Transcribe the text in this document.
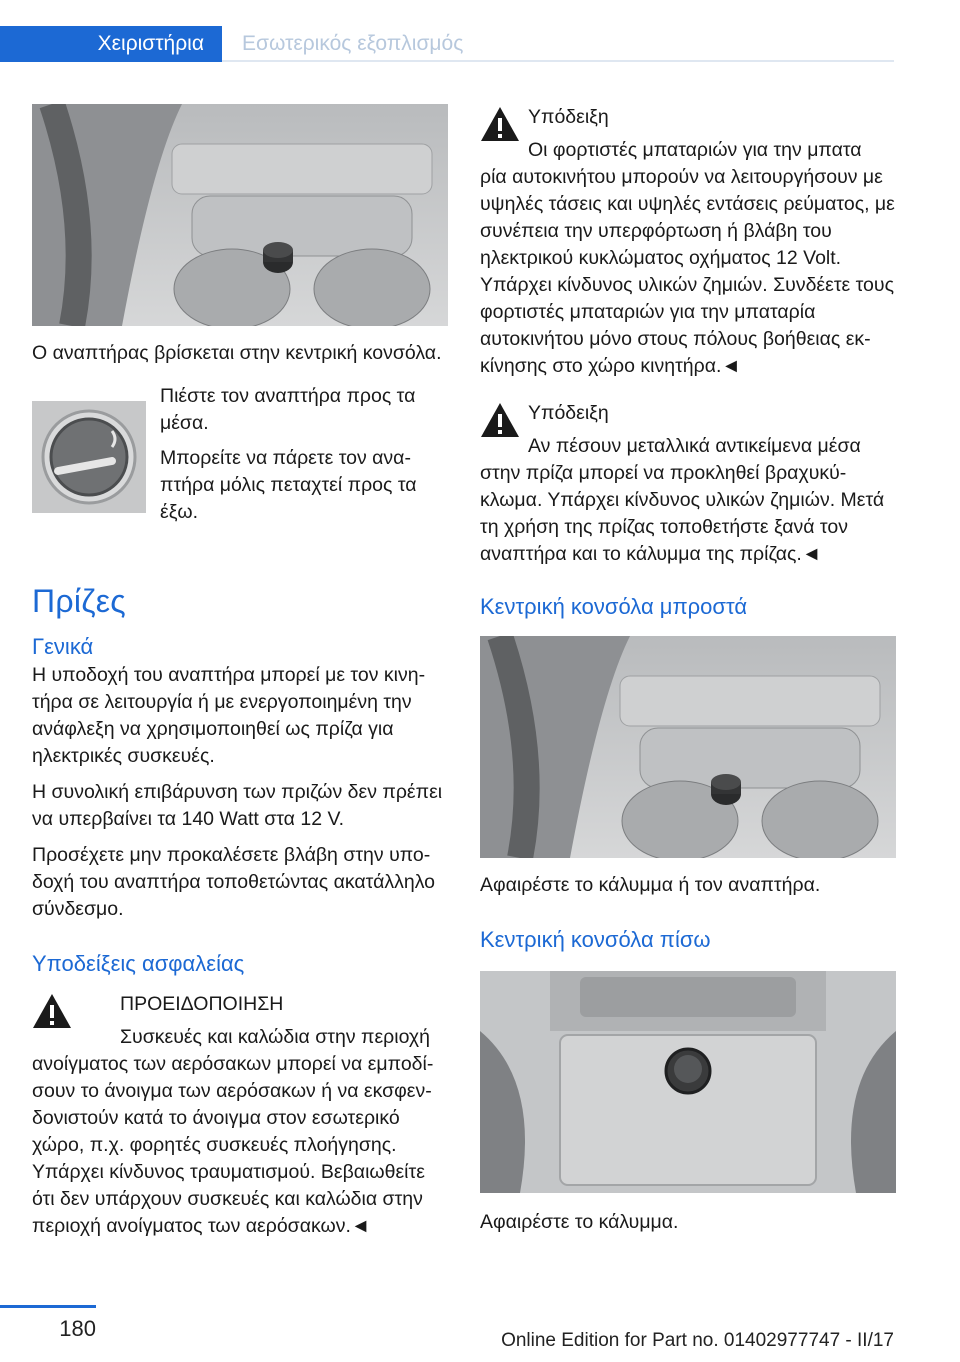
Χειριστήρια	Εσωτερικός εξοπλισμός

Ο αναπτήρας βρίσκεται στην κεντρική κονσόλα.

Πιέστε τον αναπτήρα προς τα μέσα.

Μπορείτε να πάρετε τον αναπτήρα μόλις πεταχτεί προς τα έξω.

Πρίζες
Γενικά

Η υποδοχή του αναπτήρα μπορεί με τον κινητήρα σε λειτουργία ή με ενεργοποιημένη την ανάφλεξη να χρησιμοποιηθεί ως πρίζα για ηλεκτρικές συσκευές.

Η συνολική επιβάρυνση των πριζών δεν πρέπει να υπερβαίνει τα 140 Watt στα 12 V.

Προσέχετε μην προκαλέσετε βλάβη στην υποδοχή του αναπτήρα τοποθετώντας ακατάλληλο σύνδεσμο.

Υποδείξεις ασφαλείας

ΠΡΟΕΙΔΟΠΟΙΗΣΗ

Συσκευές και καλώδια στην περιοχή

ανοίγματος των αερόσακων μπορεί να εμποδίσουν το άνοιγμα των αερόσακων ή να εκσφενδονιστούν κατά το άνοιγμα στον εσωτερικό χώρο, π.χ. φορητές συσκευές πλοήγησης. Υπάρχει κίνδυνος τραυματισμού. Βεβαιωθείτε ότι δεν υπάρχουν συσκευές και καλώδια στην περιοχή ανοίγματος των αερόσακων.◄

Υπόδειξη

Οι φορτιστές μπαταριών για την μπατα

ρία αυτοκινήτου μπορούν να λειτουργήσουν με υψηλές τάσεις και υψηλές εντάσεις ρεύματος, με συνέπεια την υπερφόρτωση ή βλάβη του ηλεκτρικού κυκλώματος οχήματος 12 Volt. Υπάρχει κίνδυνος υλικών ζημιών. Συνδέετε τους φορτιστές μπαταριών για την μπαταρία αυτοκινήτου μόνο στους πόλους βοήθειας εκκίνησης στο χώρο κινητήρα.◄

Υπόδειξη

Αν πέσουν μεταλλικά αντικείμενα μέσα

στην πρίζα μπορεί να προκληθεί βραχυκύκλωμα. Υπάρχει κίνδυνος υλικών ζημιών. Μετά τη χρήση της πρίζας τοποθετήστε ξανά τον αναπτήρα και το κάλυμμα της πρίζας.◄

Κεντρική κονσόλα μπροστά

Αφαιρέστε το κάλυμμα ή τον αναπτήρα.

Κεντρική κονσόλα πίσω

Αφαιρέστε το κάλυμμα.

180	Online Edition for Part no. 01402977747 - II/17
